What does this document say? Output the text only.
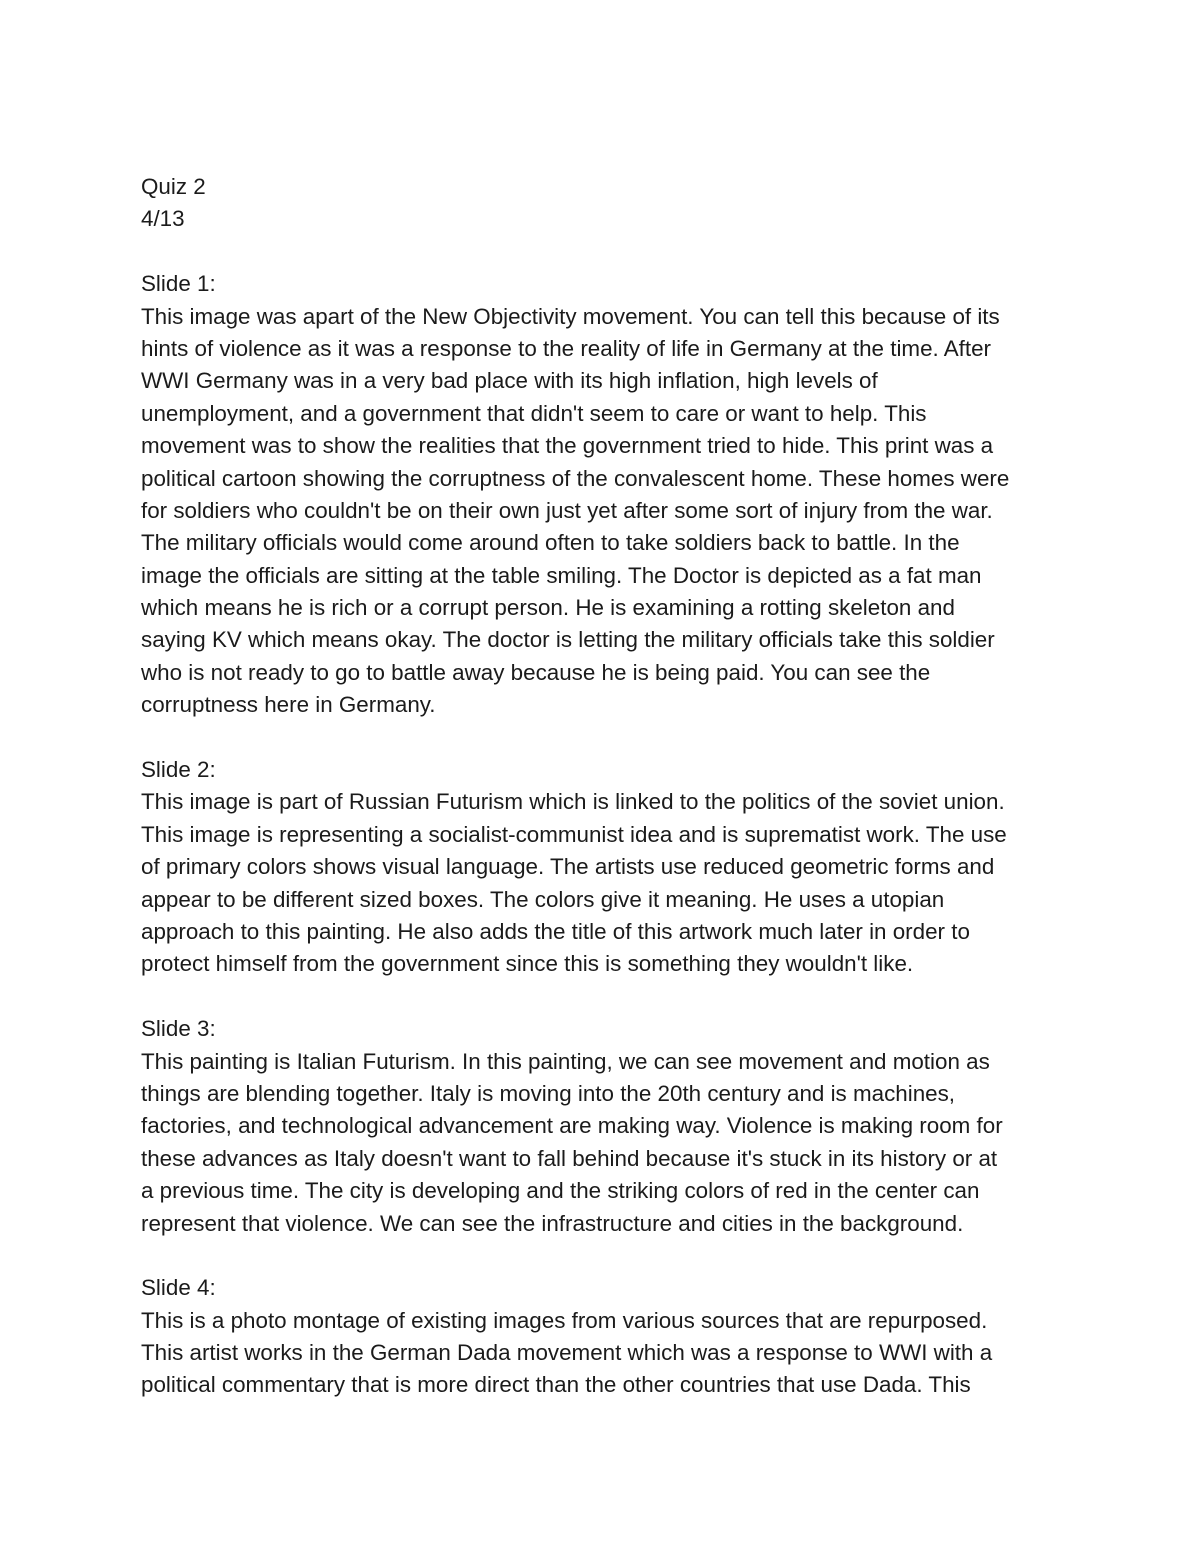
Quiz 2
4/13
Slide 1:
This image was apart of the New Objectivity movement. You can tell this because of its
hints of violence as it was a response to the reality of life in Germany at the time. After
WWI Germany was in a very bad place with its high inflation, high levels of
unemployment, and a government that didn't seem to care or want to help. This
movement was to show the realities that the government tried to hide. This print was a
political cartoon showing the corruptness of the convalescent home. These homes were
for soldiers who couldn't be on their own just yet after some sort of injury from the war.
The military officials would come around often to take soldiers back to battle. In the
image the officials are sitting at the table smiling. The Doctor is depicted as a fat man
which means he is rich or a corrupt person. He is examining a rotting skeleton and
saying KV which means okay. The doctor is letting the military officials take this soldier
who is not ready to go to battle away because he is being paid. You can see the
corruptness here in Germany.
Slide 2:
This image is part of Russian Futurism which is linked to the politics of the soviet union.
This image is representing a socialist-communist idea and is suprematist work. The use
of primary colors shows visual language. The artists use reduced geometric forms and
appear to be different sized boxes. The colors give it meaning. He uses a utopian
approach to this painting. He also adds the title of this artwork much later in order to
protect himself from the government since this is something they wouldn't like.
Slide 3:
This painting is Italian Futurism. In this painting, we can see movement and motion as
things are blending together. Italy is moving into the 20th century and is machines,
factories, and technological advancement are making way. Violence is making room for
these advances as Italy doesn't want to fall behind because it's stuck in its history or at
a previous time. The city is developing and the striking colors of red in the center can
represent that violence. We can see the infrastructure and cities in the background.
Slide 4:
This is a photo montage of existing images from various sources that are repurposed.
This artist works in the German Dada movement which was a response to WWI with a
political commentary that is more direct than the other countries that use Dada. This
